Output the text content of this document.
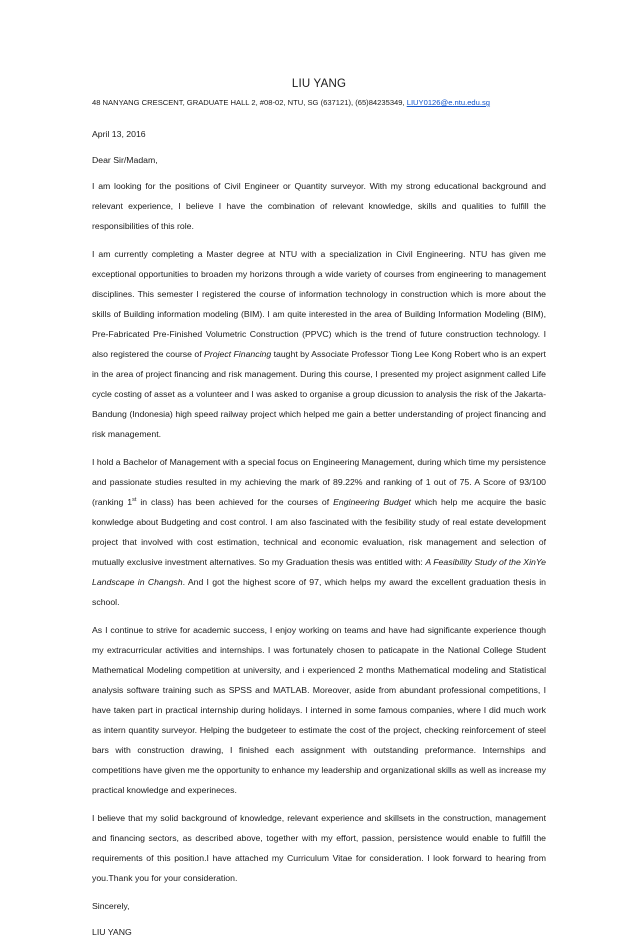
LIU YANG
48 NANYANG CRESCENT, GRADUATE HALL 2, #08-02, NTU, SG (637121), (65)84235349, LIUY0126@e.ntu.edu.sg

April 13, 2016

Dear Sir/Madam,

I am looking for the positions of Civil Engineer or Quantity surveyor. With my strong educational background and relevant experience, I believe I have the combination of relevant knowledge, skills and qualities to fulfill the responsibilities of this role.

I am currently completing a Master degree at NTU with a specialization in Civil Engineering. NTU has given me exceptional opportunities to broaden my horizons through a wide variety of courses from engineering to management disciplines. This semester I registered the course of information technology in construction which is more about the skills of Building information modeling (BIM). I am quite interested in the area of Building Information Modeling (BIM), Pre-Fabricated Pre-Finished Volumetric Construction (PPVC) which is the trend of future construction technology. I also registered the course of Project Financing taught by Associate Professor Tiong Lee Kong Robert who is an expert in the area of project financing and risk management. During this course, I presented my project asignment called Life cycle costing of asset as a volunteer and I was asked to organise a group dicussion to analysis the risk of the Jakarta-Bandung (Indonesia) high speed railway project which helped me gain a better understanding of project financing and risk management.

I hold a Bachelor of Management with a special focus on Engineering Management, during which time my persistence and passionate studies resulted in my achieving the mark of 89.22% and ranking of 1 out of 75. A Score of 93/100 (ranking 1st in class) has been achieved for the courses of Engineering Budget which help me acquire the basic konwledge about Budgeting and cost control. I am also fascinated with the fesibility study of real estate development project that involved with cost estimation, technical and economic evaluation, risk management and selection of mutually exclusive investment alternatives. So my Graduation thesis was entitled with: A Feasibility Study of the XinYe Landscape in Changsh. And I got the highest score of 97, which helps my award the excellent graduation thesis in school.

As I continue to strive for academic success, I enjoy working on teams and have had significante experience though my extracurricular activities and internships. I was fortunately chosen to paticapate in the National College Student Mathematical Modeling competition at university, and i experienced 2 months Mathematical modeling and Statistical analysis software training such as SPSS and MATLAB. Moreover, aside from abundant professional competitions, I have taken part in practical internship during holidays. I interned in some famous companies, where I did much work as intern quantity surveyor. Helping the budgeteer to estimate the cost of the project, checking reinforcement of steel bars with construction drawing, I finished each assignment with outstanding preformance. Internships and competitions have given me the opportunity to enhance my leadership and organizational skills as well as increase my practical knowledge and experineces.

I believe that my solid background of knowledge, relevant experience and skillsets in the construction, management and financing sectors, as described above, together with my effort, passion, persistence would enable to fulfill the requirements of this position.I have attached my Curriculum Vitae for consideration. I look forward to hearing from you.Thank you for your consideration.

Sincerely,

LIU YANG
